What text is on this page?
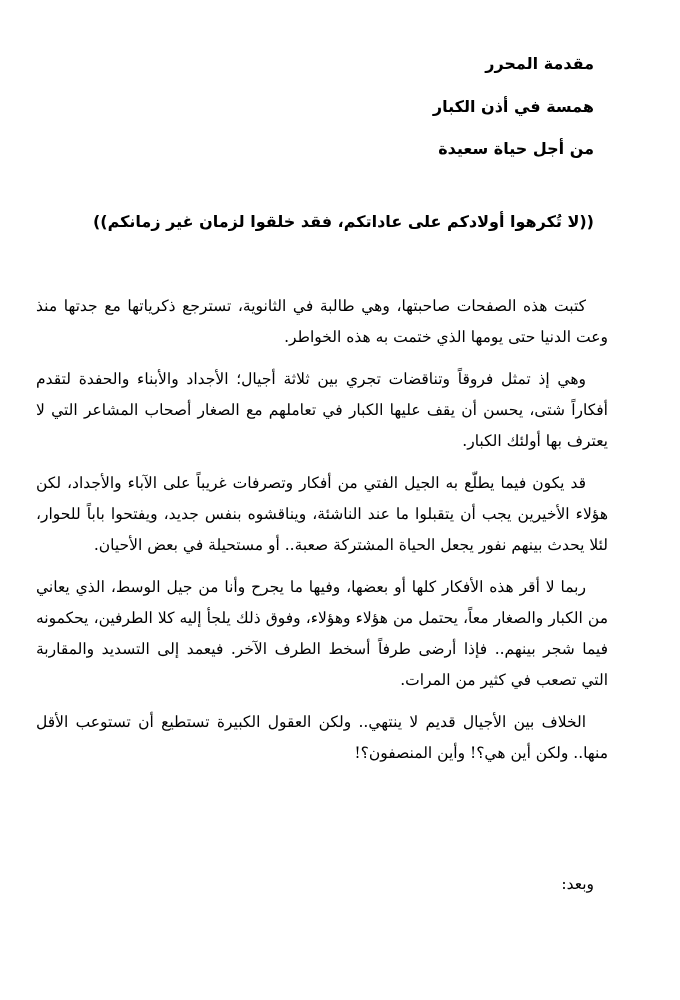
مقدمة المحرر
همسة في أذن الكبار
من أجل حياة سعيدة
((لا تُكرهوا أولادكم على عاداتكم، فقد خلقوا لزمان غير زمانكم))

كتبت هذه الصفحات صاحبتها، وهي طالبة في الثانوية، تسترجع ذكرياتها مع جدتها منذ وعت الدنيا حتى يومها الذي ختمت به هذه الخواطر.

وهي إذ تمثل فروقاً وتناقضات تجري بين ثلاثة أجيال؛ الأجداد والأبناء والحفدة لتقدم أفكاراً شتى، يحسن أن يقف عليها الكبار في تعاملهم مع الصغار أصحاب المشاعر التي لا يعترف بها أولئك الكبار.

قد يكون فيما يطلّع به الجيل الفتي من أفكار وتصرفات غريباً على الآباء والأجداد، لكن هؤلاء الأخيرين يجب أن يتقبلوا ما عند الناشئة، ويناقشوه بنفس جديد، ويفتحوا باباً للحوار، لئلا يحدث بينهم نفور يجعل الحياة المشتركة صعبة.. أو مستحيلة في بعض الأحيان.

ربما لا أقر هذه الأفكار كلها أو بعضها، وفيها ما يجرح وأنا من جيل الوسط، الذي يعاني من الكبار والصغار معاً، يحتمل من هؤلاء وهؤلاء، وفوق ذلك يلجأ إليه كلا الطرفين، يحكمونه فيما شجر بينهم.. فإذا أرضى طرفاً أسخط الطرف الآخر. فيعمد إلى التسديد والمقاربة التي تصعب في كثير من المرات.

الخلاف بين الأجيال قديم لا ينتهي.. ولكن العقول الكبيرة تستطيع أن تستوعب الأقل منها.. ولكن أين هي؟! وأين المنصفون؟!

وبعد:
